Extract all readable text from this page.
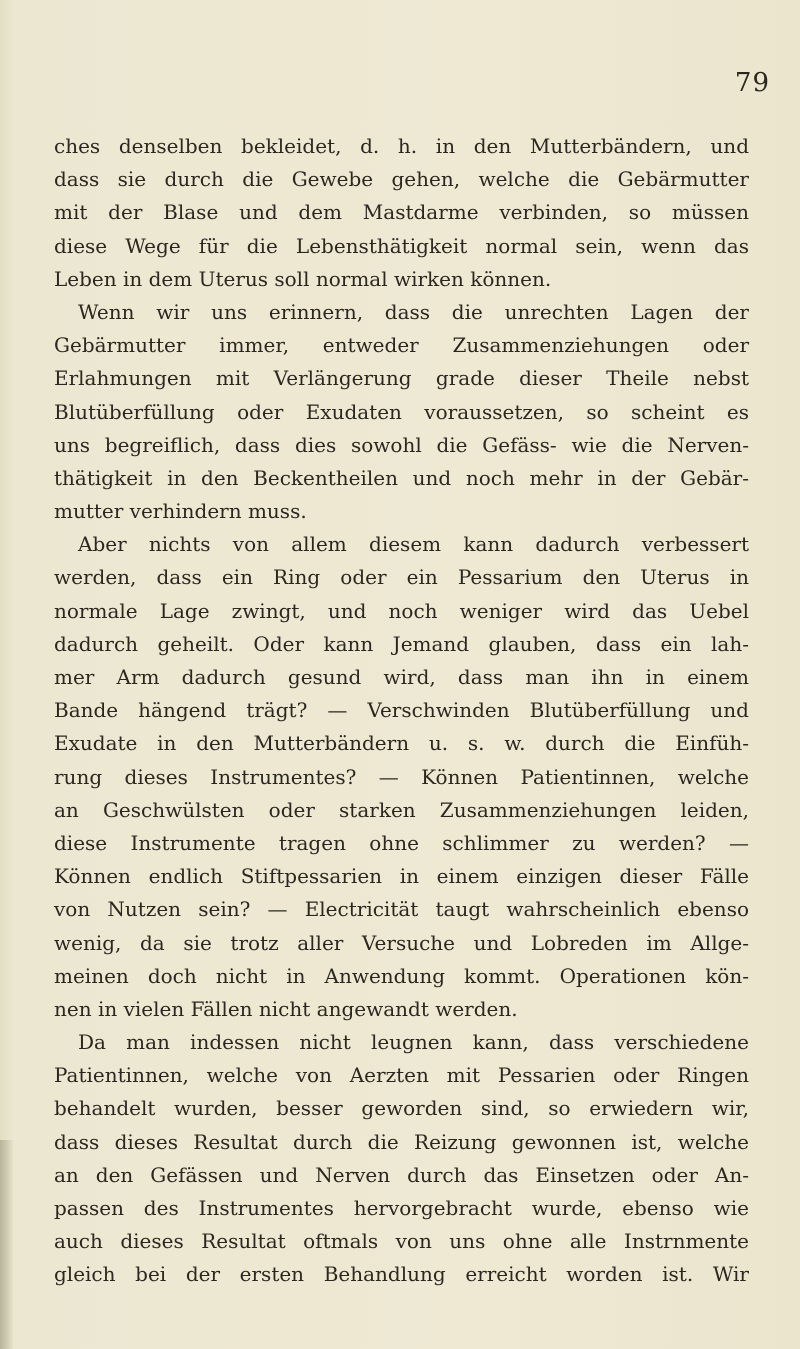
79

ches denselben bekleidet, d. h. in den Mutterbändern, und
dass sie durch die Gewebe gehen, welche die Gebärmutter
mit der Blase und dem Mastdarme verbinden, so müssen
diese Wege für die Lebensthätigkeit normal sein, wenn das
Leben in dem Uterus soll normal wirken können.
Wenn wir uns erinnern, dass die unrechten Lagen der
Gebärmutter immer, entweder Zusammenziehungen oder
Erlahmungen mit Verlängerung grade dieser Theile nebst
Blutüberfüllung oder Exudaten voraussetzen, so scheint es
uns begreiflich, dass dies sowohl die Gefäss- wie die Nerven-
thätigkeit in den Beckentheilen und noch mehr in der Gebär-
mutter verhindern muss.
Aber nichts von allem diesem kann dadurch verbessert
werden, dass ein Ring oder ein Pessarium den Uterus in
normale Lage zwingt, und noch weniger wird das Uebel
dadurch geheilt. Oder kann Jemand glauben, dass ein lah-
mer Arm dadurch gesund wird, dass man ihn in einem
Bande hängend trägt? — Verschwinden Blutüberfüllung und
Exudate in den Mutterbändern u. s. w. durch die Einfüh-
rung dieses Instrumentes? — Können Patientinnen, welche
an Geschwülsten oder starken Zusammenziehungen leiden,
diese Instrumente tragen ohne schlimmer zu werden? —
Können endlich Stiftpessarien in einem einzigen dieser Fälle
von Nutzen sein? — Electricität taugt wahrscheinlich ebenso
wenig, da sie trotz aller Versuche und Lobreden im Allge-
meinen doch nicht in Anwendung kommt. Operationen kön-
nen in vielen Fällen nicht angewandt werden.
Da man indessen nicht leugnen kann, dass verschiedene
Patientinnen, welche von Aerzten mit Pessarien oder Ringen
behandelt wurden, besser geworden sind, so erwiedern wir,
dass dieses Resultat durch die Reizung gewonnen ist, welche
an den Gefässen und Nerven durch das Einsetzen oder An-
passen des Instrumentes hervorgebracht wurde, ebenso wie
auch dieses Resultat oftmals von uns ohne alle Instrnmente
gleich bei der ersten Behandlung erreicht worden ist. Wir
